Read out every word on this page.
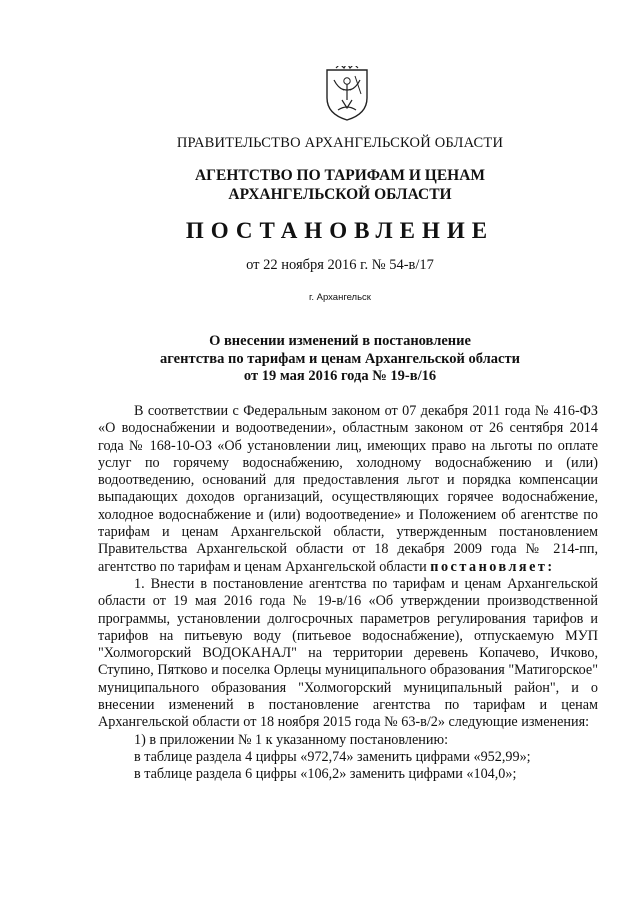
ПРАВИТЕЛЬСТВО АРХАНГЕЛЬСКОЙ ОБЛАСТИ
АГЕНТСТВО ПО ТАРИФАМ И ЦЕНАМ
АРХАНГЕЛЬСКОЙ ОБЛАСТИ
ПОСТАНОВЛЕНИЕ
от 22 ноября 2016 г. № 54-в/17
г. Архангельск
О внесении изменений в постановление
агентства по тарифам и ценам Архангельской области
от 19 мая 2016 года № 19-в/16

В соответствии с Федеральным законом от 07 декабря 2011 года № 416-ФЗ «О водоснабжении и водоотведении», областным законом от 26 сентября 2014 года № 168-10-ОЗ «Об установлении лиц, имеющих право на льготы по оплате услуг по горячему водоснабжению, холодному водоснабжению и (или) водоотведению, оснований для предоставления льгот и порядка компенсации выпадающих доходов организаций, осуществляющих горячее водоснабжение, холодное водоснабжение и (или) водоотведение» и Положением об агентстве по тарифам и ценам Архангельской области, утвержденным постановлением Правительства Архангельской области от 18 декабря 2009 года № 214-пп, агентство по тарифам и ценам Архангельской области постановляет:

1. Внести в постановление агентства по тарифам и ценам Архангельской области от 19 мая 2016 года № 19-в/16 «Об утверждении производственной программы, установлении долгосрочных параметров регулирования тарифов и тарифов на питьевую воду (питьевое водоснабжение), отпускаемую МУП "Холмогорский ВОДОКАНАЛ" на территории деревень Копачево, Ичково, Ступино, Пятково и поселка Орлецы муниципального образования "Матигорское" муниципального образования "Холмогорский муниципальный район", и о внесении изменений в постановление агентства по тарифам и ценам Архангельской области от 18 ноября 2015 года № 63-в/2» следующие изменения:

1) в приложении № 1 к указанному постановлению:

в таблице раздела 4 цифры «972,74» заменить цифрами «952,99»;

в таблице раздела 6 цифры «106,2» заменить цифрами «104,0»;
